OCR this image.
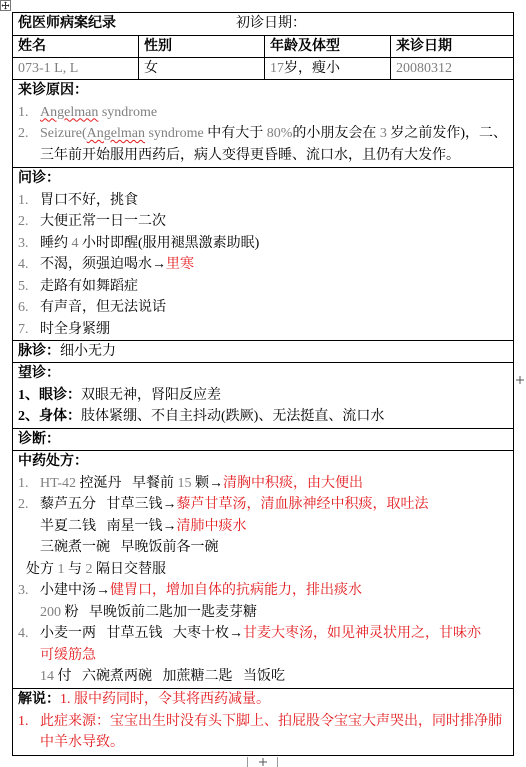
倪医师病案纪录	初诊日期：
姓名	性别	年龄及体型	来诊日期
073-1 L, L	女	17岁，瘦小	20080312
来诊原因：
1. Angelman syndrome
2. Seizure(Angelman syndrome 中有大于 80%的小朋友会在 3 岁之前发作)，二、
三年前开始服用西药后，病人变得更昏睡、流口水，且仍有大发作。
问诊：
1. 胃口不好，挑食
2. 大便正常一日一二次
3. 睡约 4 小时即醒(服用褪黑激素助眠)
4. 不渴，须强迫喝水→里寒
5. 走路有如舞蹈症
6. 有声音，但无法说话
7. 时全身紧绷
脉诊：细小无力
望诊：
1、眼诊：双眼无神，肾阳反应差
2、身体：肢体紧绷、不自主抖动(跌厥)、无法挺直、流口水
诊断：
中药处方：
1. HT-42 控涎丹   早餐前 15 颗→清胸中积痰，由大便出
2. 藜芦五分   甘草三钱→藜芦甘草汤，清血脉神经中积痰，取吐法
半夏二钱   南星一钱→清肺中痰水
三碗煮一碗   早晚饭前各一碗
处方 1 与 2 隔日交替服
3. 小建中汤→健胃口，增加自体的抗病能力，排出痰水
200 粉   早晚饭前二匙加一匙麦芽糖
4. 小麦一两   甘草五钱   大枣十枚→甘麦大枣汤，如见神灵状用之，甘味亦
可缓筋急
14 付   六碗煮两碗   加蔗糖二匙   当饭吃
解说：1. 服中药同时，令其将西药减量。
1. 此症来源：宝宝出生时没有头下脚上、拍屁股令宝宝大声哭出，同时排净肺
中羊水导致。
